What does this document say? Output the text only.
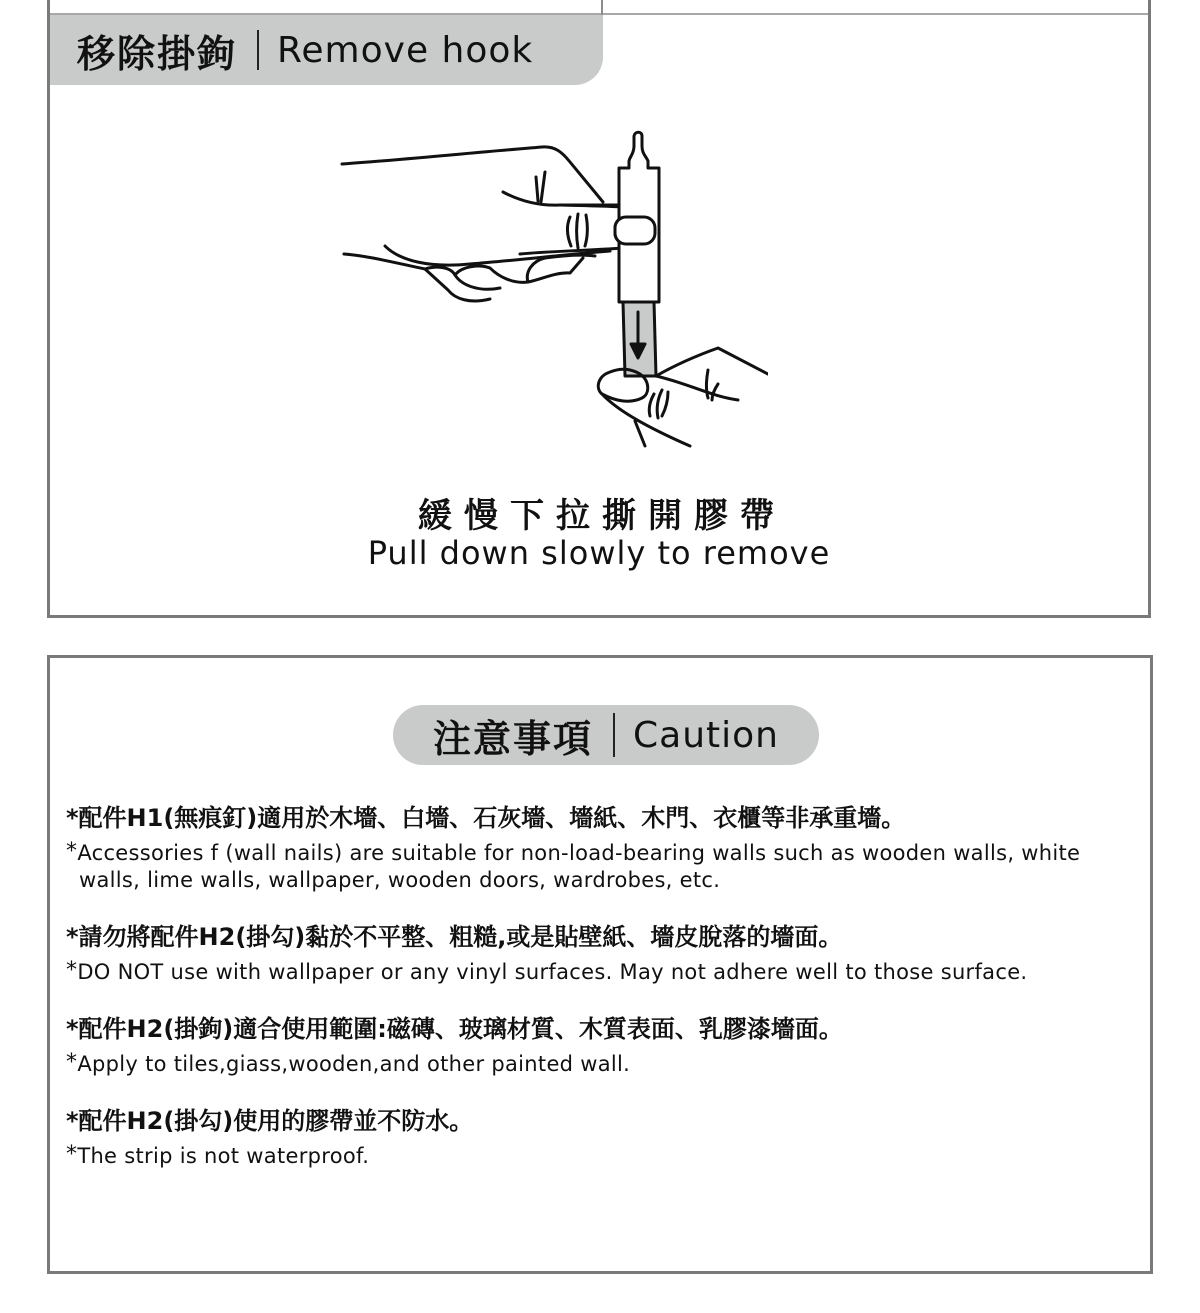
移除掛鉤 Remove hook
緩慢下拉撕開膠帶
Pull down slowly to remove
注意事項 Caution
*配件H1(無痕釘)適用於木墻、白墻、石灰墻、墻紙、木門、衣櫃等非承重墻。
*Accessories f (wall nails) are suitable for non-load-bearing walls such as wooden walls, white walls, lime walls, wallpaper, wooden doors, wardrobes, etc.
*請勿將配件H2(掛勾)黏於不平整、粗糙,或是貼壁紙、墻皮脫落的墻面。
*DO NOT use with wallpaper or any vinyl surfaces. May not adhere well to those surface.
*配件H2(掛鉤)適合使用範圍:磁磚、玻璃材質、木質表面、乳膠漆墻面。
*Apply to tiles,giass,wooden,and other painted wall.
*配件H2(掛勾)使用的膠帶並不防水。
*The strip is not waterproof.
